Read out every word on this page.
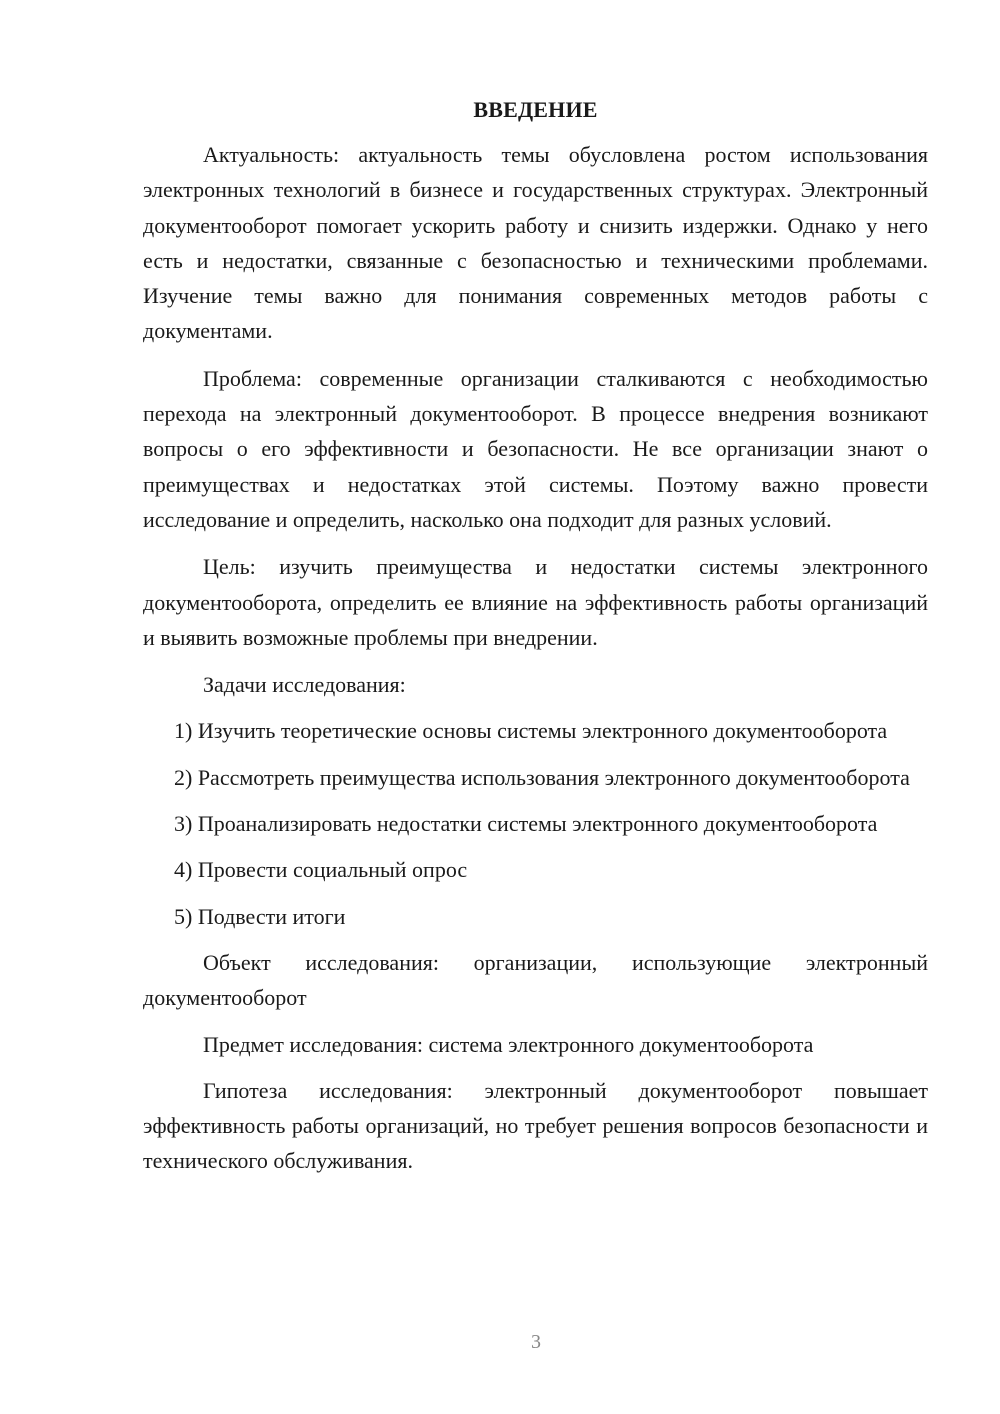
ВВЕДЕНИЕ

Актуальность: актуальность темы обусловлена ростом использования электронных технологий в бизнесе и государственных структурах. Электронный документооборот помогает ускорить работу и снизить издержки. Однако у него есть и недостатки, связанные с безопасностью и техническими проблемами. Изучение темы важно для понимания современных методов работы с документами.

Проблема: современные организации сталкиваются с необходимостью перехода на электронный документооборот. В процессе внедрения возникают вопросы о его эффективности и безопасности. Не все организации знают о преимуществах и недостатках этой системы. Поэтому важно провести исследование и определить, насколько она подходит для разных условий.

Цель: изучить преимущества и недостатки системы электронного документооборота, определить ее влияние на эффективность работы организаций и выявить возможные проблемы при внедрении.

Задачи исследования:

1) Изучить теоретические основы системы электронного документооборота

2) Рассмотреть преимущества использования электронного документооборота

3) Проанализировать недостатки системы электронного документооборота

4) Провести социальный опрос

5) Подвести итоги

Объект исследования: организации, использующие электронный документооборот

Предмет исследования: система электронного документооборота

Гипотеза исследования: электронный документооборот повышает эффективность работы организаций, но требует решения вопросов безопасности и технического обслуживания.

3
